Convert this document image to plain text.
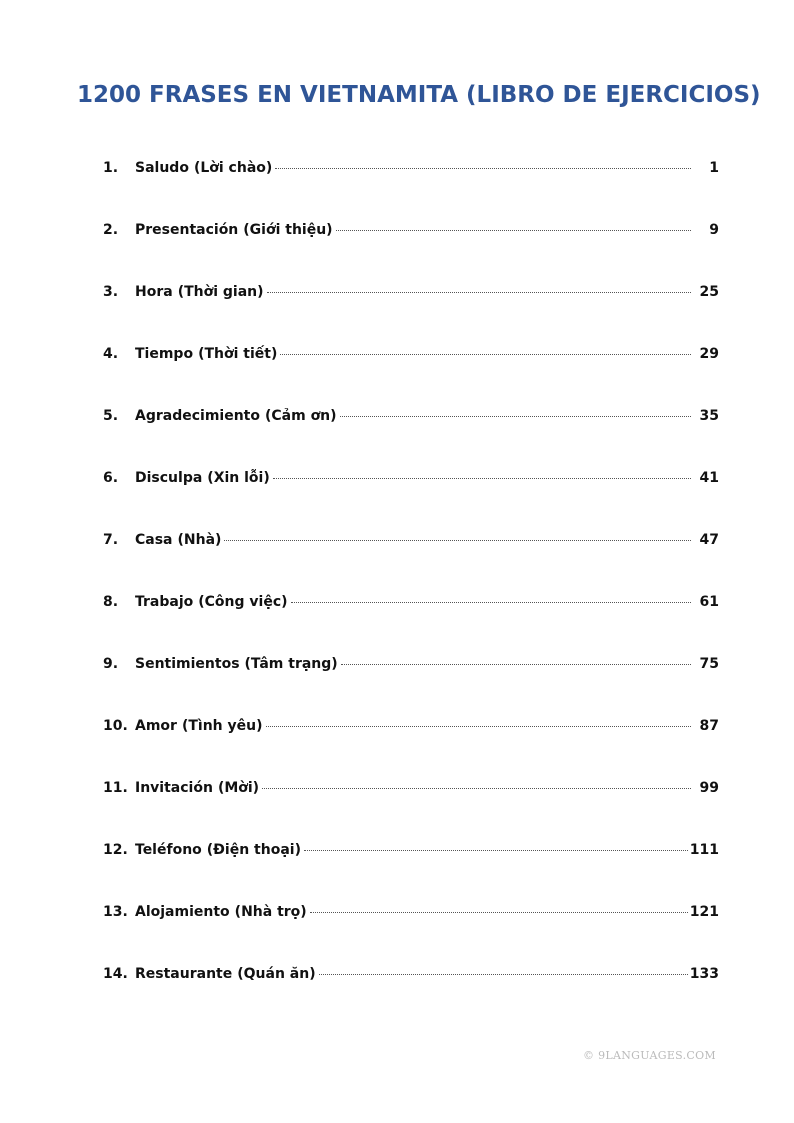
1200 FRASES EN VIETNAMITA (LIBRO DE EJERCICIOS)
1.	Saludo (Lời chào)	1
2.	Presentación (Giới thiệu)	9
3.	Hora (Thời gian)	25
4.	Tiempo (Thời tiết)	29
5.	Agradecimiento (Cảm ơn)	35
6.	Disculpa (Xin lỗi)	41
7.	Casa (Nhà)	47
8.	Trabajo (Công việc)	61
9.	Sentimientos (Tâm trạng)	75
10. Amor (Tình yêu)	87
11. Invitación (Mời)	99
12. Teléfono (Điện thoại)	111
13. Alojamiento (Nhà trọ)	121
14. Restaurante (Quán ăn)	133
© 9LANGUAGES.COM
